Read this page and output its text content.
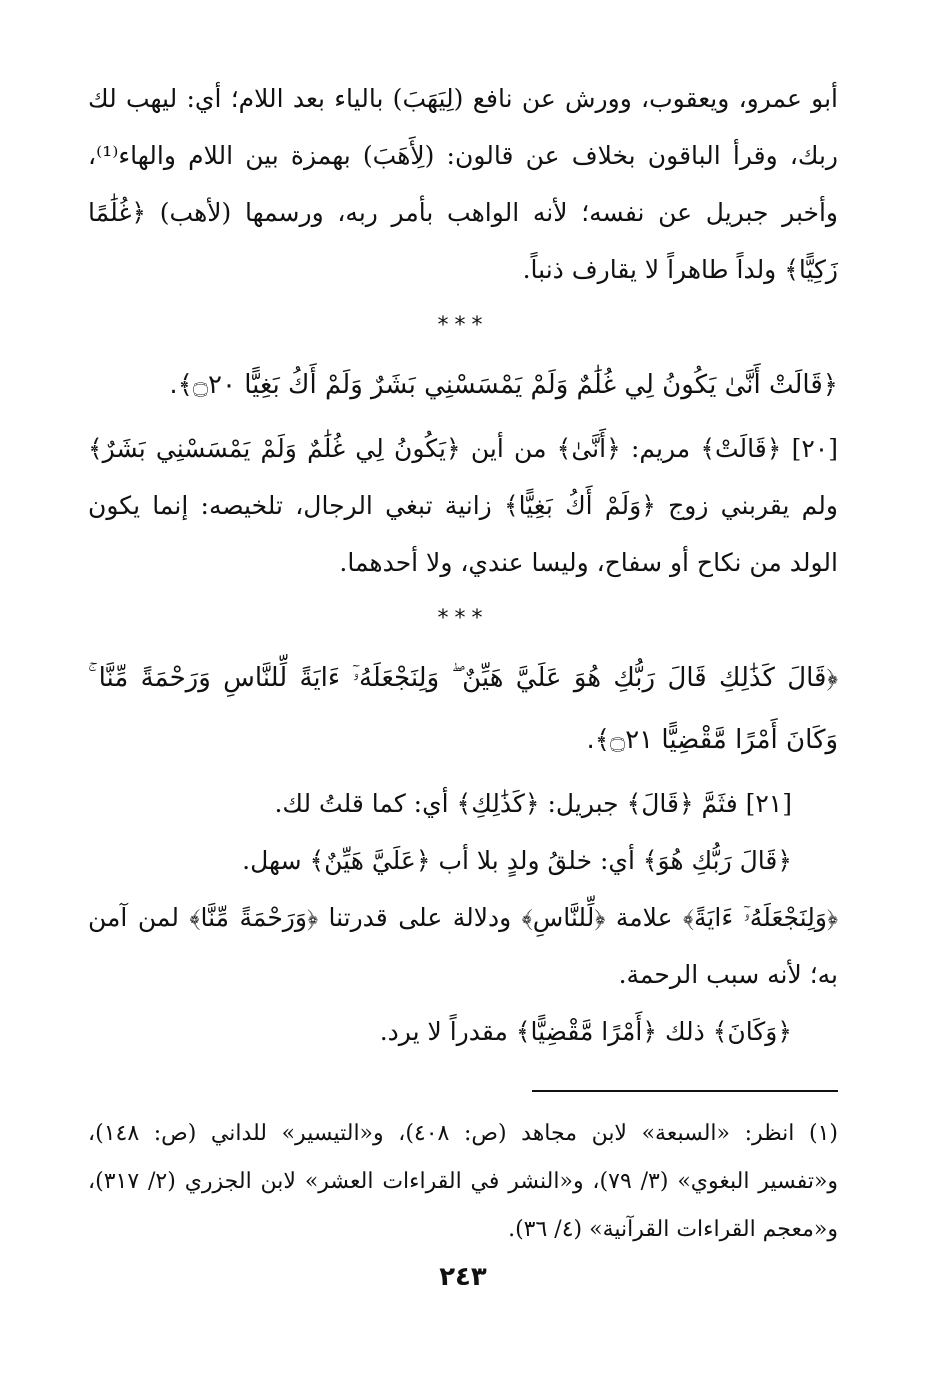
أبو عمرو، ويعقوب، وورش عن نافع (لِيَهَبَ) بالياء بعد اللام؛ أي: ليهب لك ربك، وقرأ الباقون بخلاف عن قالون: (لِأَهَبَ) بهمزة بين اللام والهاء⁽¹⁾، وأخبر جبريل عن نفسه؛ لأنه الواهب بأمر ربه، ورسمها (لأهب) ﴿غُلَٰمًا زَكِيًّا﴾ ولداً طاهراً لا يقارف ذنباً.

***

﴿قَالَتْ أَنَّىٰ يَكُونُ لِي غُلَٰمٌ وَلَمْ يَمْسَسْنِي بَشَرٌ وَلَمْ أَكُ بَغِيًّا ۝٢٠﴾.

[٢٠] ﴿قَالَتْ﴾ مريم: ﴿أَنَّىٰ﴾ من أين ﴿يَكُونُ لِي غُلَٰمٌ وَلَمْ يَمْسَسْنِي بَشَرٌ﴾ ولم يقربني زوج ﴿وَلَمْ أَكُ بَغِيًّا﴾ زانية تبغي الرجال، تلخيصه: إنما يكون الولد من نكاح أو سفاح، وليسا عندي، ولا أحدهما.

***

﴿قَالَ كَذَٰلِكِ قَالَ رَبُّكِ هُوَ عَلَيَّ هَيِّنٌ ۖ وَلِنَجْعَلَهُۥٓ ءَايَةً لِّلنَّاسِ وَرَحْمَةً مِّنَّا ۚ وَكَانَ أَمْرًا مَّقْضِيًّا ۝٢١﴾.

[٢١] فثَمَّ ﴿قَالَ﴾ جبريل: ﴿كَذَٰلِكِ﴾ أي: كما قلتُ لك.

﴿قَالَ رَبُّكِ هُوَ﴾ أي: خلقُ ولدٍ بلا أب ﴿عَلَيَّ هَيِّنٌ﴾ سهل.

﴿وَلِنَجْعَلَهُۥٓ ءَايَةً﴾ علامة ﴿لِّلنَّاسِ﴾ ودلالة على قدرتنا ﴿وَرَحْمَةً مِّنَّا﴾ لمن آمن به؛ لأنه سبب الرحمة.

﴿وَكَانَ﴾ ذلك ﴿أَمْرًا مَّقْضِيًّا﴾ مقدراً لا يرد.

(١) انظر: «السبعة» لابن مجاهد (ص: ٤٠٨)، و«التيسير» للداني (ص: ١٤٨)، و«تفسير البغوي» (٣/ ٧٩)، و«النشر في القراءات العشر» لابن الجزري (٢/ ٣١٧)، و«معجم القراءات القرآنية» (٤/ ٣٦).

٢٤٣
